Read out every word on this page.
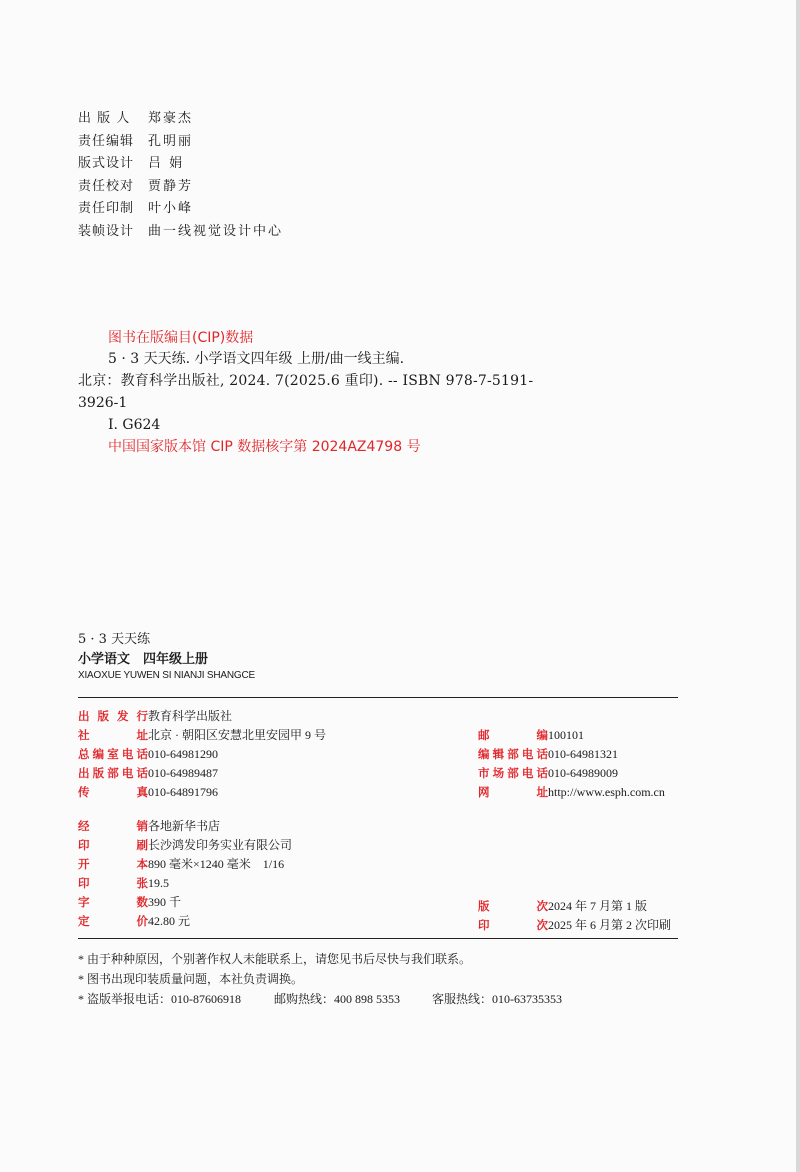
出 版 人	郑豪杰
责任编辑	孔明丽
版式设计	吕 娟
责任校对	贾静芳
责任印制	叶小峰
装帧设计	曲一线视觉设计中心
图书在版编目(CIP)数据
5 · 3 天天练. 小学语文四年级 上册/曲一线主编.
北京：教育科学出版社, 2024. 7(2025.6 重印). -- ISBN 978-7-5191-
3926-1
Ⅰ. G624
中国国家版本馆 CIP 数据核字第 2024AZ4798 号
5 · 3 天天练
小学语文　四年级上册
XIAOXUE YUWEN SI NIANJI SHANGCE
出版发行 教育科学出版社
社址 北京 · 朝阳区安慧北里安园甲 9 号
总编室电话 010-64981290
出版部电话 010-64989487
传真 010-64891796
邮编 100101
编辑部电话 010-64981321
市场部电话 010-64989009
网址 http://www.esph.com.cn
经销 各地新华书店
印刷 长沙鸿发印务实业有限公司
开本 890 毫米×1240 毫米　1/16
印张 19.5
字数 390 千
定价 42.80 元
版次 2024 年 7 月第 1 版
印次 2025 年 6 月第 2 次印刷
* 由于种种原因，个别著作权人未能联系上，请您见书后尽快与我们联系。
* 图书出现印装质量问题，本社负责调换。
* 盗版举报电话：010-87606918	邮购热线：400 898 5353	客服热线：010-63735353
